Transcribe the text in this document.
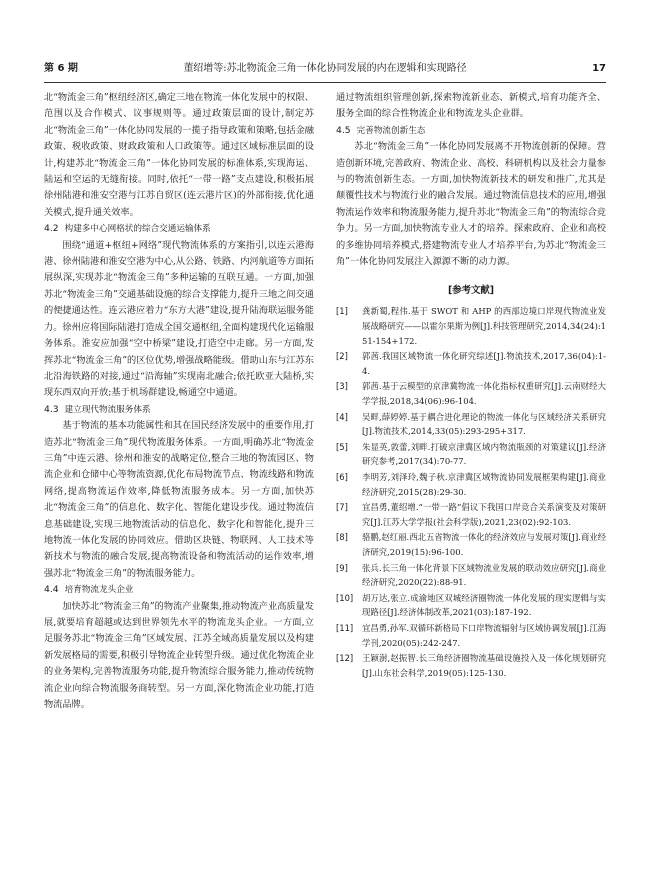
第 6 期	董绍增等:苏北物流金三角一体化协同发展的内在逻辑和实现路径	17

北“物流金三角”枢纽经济区,确定三地在物流一体化发展中的权限、范围以及合作模式、议事规则等。通过政策层面的设计,制定苏北“物流金三角”一体化协同发展的一揽子指导政策和策略,包括金融政策、税收政策、财政政策和人口政策等。通过区域标准层面的设计,构建苏北“物流金三角”一体化协同发展的标准体系,实现海运、陆运和空运的无缝衔接。同时,依托“一带一路”支点建设,积极拓展徐州陆港和淮安空港与江苏自贸区(连云港片区)的外部衔接,优化通关模式,提升通关效率。

4.2 构建多中心网格状的综合交通运输体系

围绕“通道+枢纽+网络”现代物流体系的方案指引,以连云港海港、徐州陆港和淮安空港为中心,从公路、铁路、内河航道等方面拓展纵深,实现苏北“物流金三角”多种运输的互联互通。一方面,加强苏北“物流金三角”交通基础设施的综合支撑能力,提升三地之间交通的便捷通达性。连云港应着力“东方大港”建设,提升陆海联运服务能力。徐州应将国际陆港打造成全国交通枢纽,全面构建现代化运输服务体系。淮安应加强“空中桥梁”建设,打造空中走廊。另一方面,发挥苏北“物流金三角”的区位优势,增强战略能级。借助山东与江苏东北沿海铁路的对接,通过“沿海轴”实现南北融合;依托欧亚大陆桥,实现东西双向开放;基于机场群建设,畅通空中通道。

4.3 建立现代物流服务体系

基于物流的基本功能属性和其在国民经济发展中的重要作用,打造苏北“物流金三角”现代物流服务体系。一方面,明确苏北“物流金三角”中连云港、徐州和淮安的战略定位,整合三地的物流园区、物流企业和仓储中心等物流资源,优化布局物流节点、物流线路和物流网络,提高物流运作效率,降低物流服务成本。另一方面,加快苏北“物流金三角”的信息化、数字化、智能化建设步伐。通过物流信息基础建设,实现三地物流活动的信息化、数字化和智能化,提升三地物流一体化发展的协同效应。借助区块链、物联网、人工技术等新技术与物流的融合发展,提高物流设备和物流活动的运作效率,增强苏北“物流金三角”的物流服务能力。

4.4 培育物流龙头企业

加快苏北“物流金三角”的物流产业聚集,推动物流产业高质量发展,就要培育超越或达到世界领先水平的物流龙头企业。一方面,立足服务苏北“物流金三角”区域发展、江苏全域高质量发展以及构建新发展格局的需要,积极引导物流企业转型升级。通过优化物流企业的业务架构,完善物流服务功能,提升物流综合服务能力,推动传统物流企业向综合物流服务商转型。另一方面,深化物流企业功能,打造物流品牌。

通过物流组织管理创新,探索物流新业态、新模式,培育功能齐全、服务全面的综合性物流企业和物流龙头企业群。

4.5 完善物流创新生态

苏北“物流金三角”一体化协同发展离不开物流创新的保障。营造创新环境,完善政府、物流企业、高校、科研机构以及社会力量参与的物流创新生态。一方面,加快物流新技术的研发和推广,尤其是颠覆性技术与物流行业的融合发展。通过物流信息技术的应用,增强物流运作效率和物流服务能力,提升苏北“物流金三角”的物流综合竞争力。另一方面,加快物流专业人才的培养。探索政府、企业和高校的多维协同培养模式,搭建物流专业人才培养平台,为苏北“物流金三角”一体化协同发展注入源源不断的动力源。

[参考文献]
[1] 龚新蜀,程伟.基于 SWOT 和 AHP 的西部边境口岸现代物流业发展战略研究——以霍尔果斯为例[J].科技管理研究,2014,34(24):151-154+172.
[2] 郭茜.我国区域物流一体化研究综述[J].物流技术,2017,36(04):1-4.
[3] 郭茜.基于云模型的京津冀物流一体化指标权重研究[J].云南财经大学学报,2018,34(06):96-104.
[4] 吴畔,薛婷婷.基于耦合进化理论的物流一体化与区域经济关系研究[J].物流技术,2014,33(05):293-295+317.
[5] 朱显英,敦蕾,刘畔.打破京津冀区域内物流瓶颈的对策建议[J].经济研究参考,2017(34):70-77.
[6] 李明芳,刘泽玲,魏子秋.京津冀区域物流协同发展框架构建[J].商业经济研究,2015(28):29-30.
[7] 宜昌勇,董绍增.“一带一路”倡议下我国口岸竞合关系演变及对策研究[J].江苏大学学报(社会科学版),2021,23(02):92-103.
[8] 骆鹏,赵红丽.西北五省物流一体化的经济效应与发展对策[J].商业经济研究,2019(15):96-100.
[9] 张兵.长三角一体化背景下区域物流业发展的联动效应研究[J].商业经济研究,2020(22):88-91.
[10] 胡万达,张立.成渝地区双城经济圈物流一体化发展的现实逻辑与实现路径[J].经济体制改革,2021(03):187-192.
[11] 宜昌勇,孙军.双循环新格局下口岸物流辐射与区域协调发展[J].江海学刊,2020(05):242-247.
[12] 王颖澍,赵振智.长三角经济圈物流基础设施投入及一体化规划研究[J].山东社会科学,2019(05):125-130.
